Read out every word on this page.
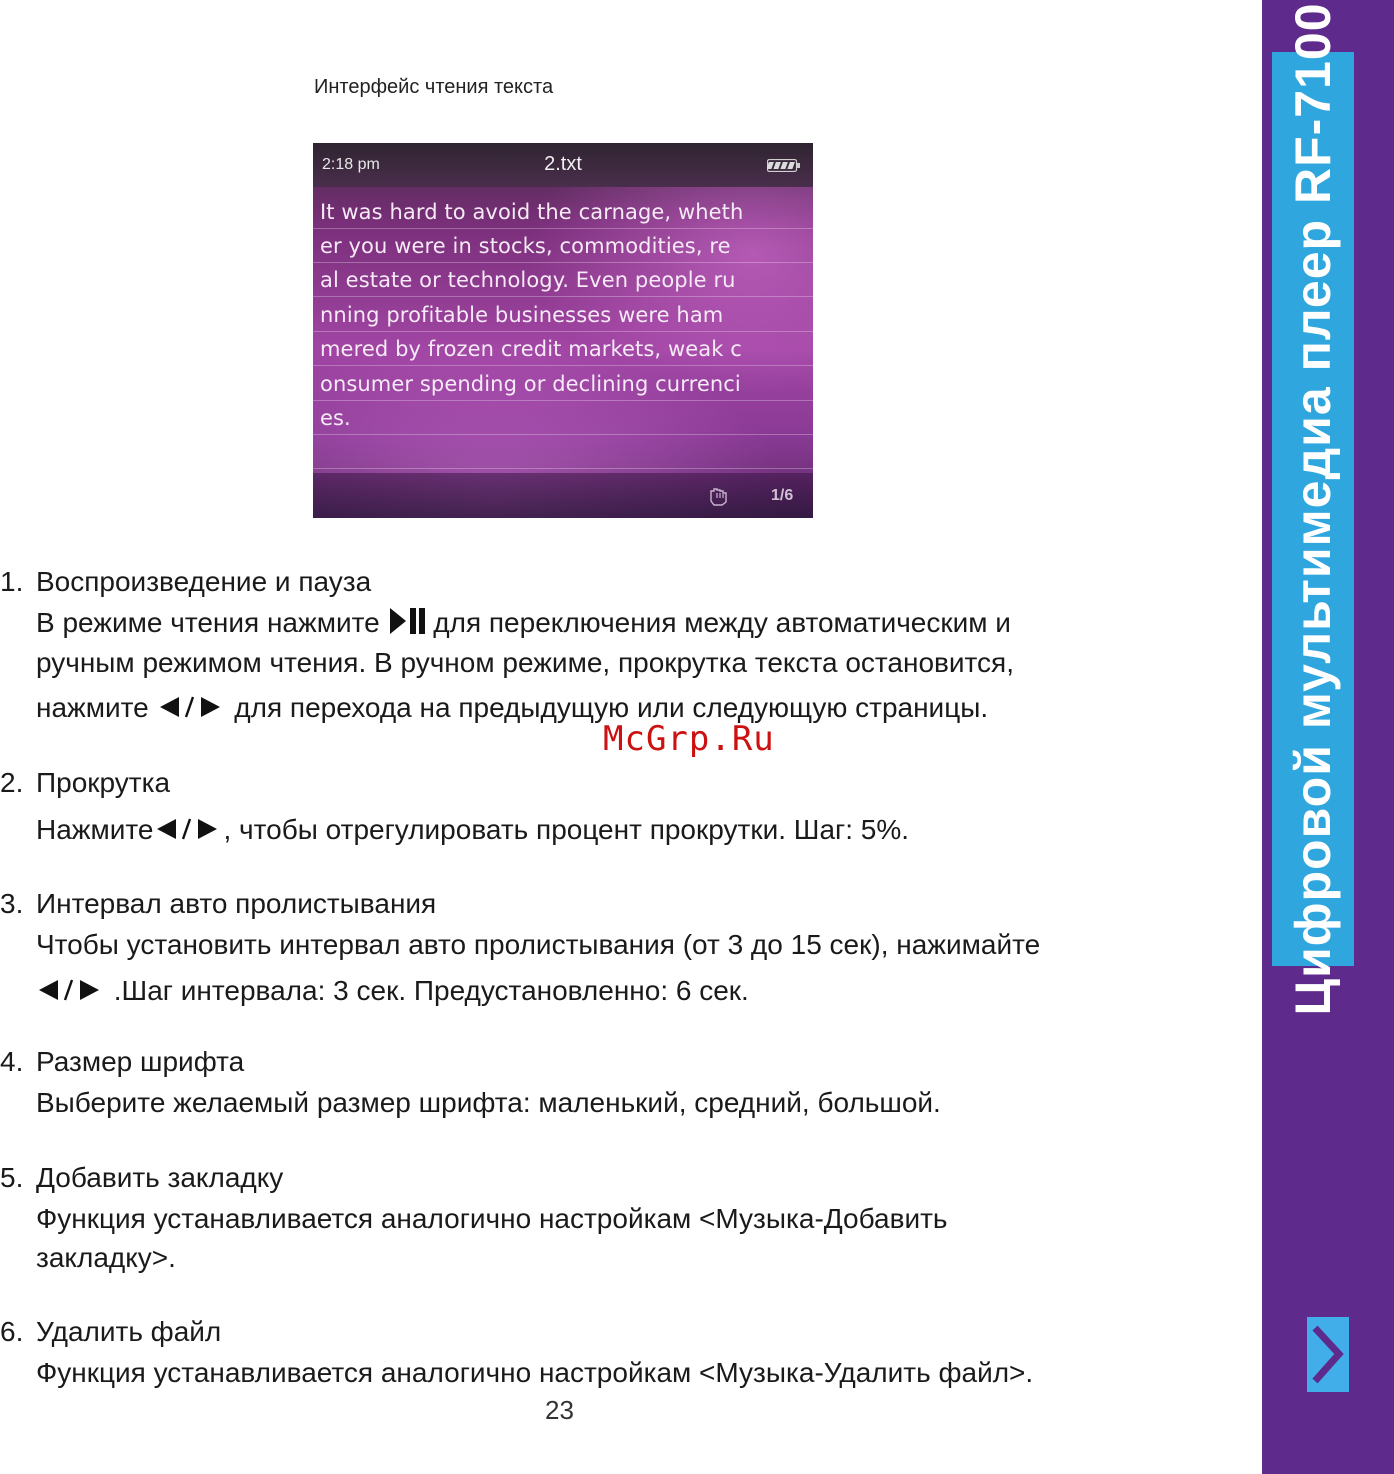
Интерфейс чтения текста
2:18 pm	2.txt
It was hard to avoid the carnage, wheth
er you were in stocks, commodities, re
al estate or technology. Even people ru
nning profitable businesses were ham
mered by frozen credit markets, weak c
onsumer spending or declining currenci
es.
1/6
1. Воспроизведение и пауза
В режиме чтения нажмите  для переключения между автоматическим и
ручным режимом чтения. В ручном режиме, прокрутка текста остановится,
нажмите	для перехода на предыдущую или следующую страницы.
McGrp.Ru
2. Прокрутка
Нажмите	, чтобы отрегулировать процент прокрутки. Шаг: 5%.
3. Интервал авто пролистывания
Чтобы установить интервал авто пролистывания (от 3 до 15 сек), нажимайте
.Шаг интервала: 3 сек. Предустановленно: 6 сек.
4. Размер шрифта
Выберите желаемый размер шрифта: маленький, средний, большой.
5. Добавить закладку
Функция устанавливается аналогично настройкам <Музыка-Добавить
закладку>.
6. Удалить файл
Функция устанавливается аналогично настройкам <Музыка-Удалить файл>.
23
Цифровой мультимедиа плеер RF-7100
